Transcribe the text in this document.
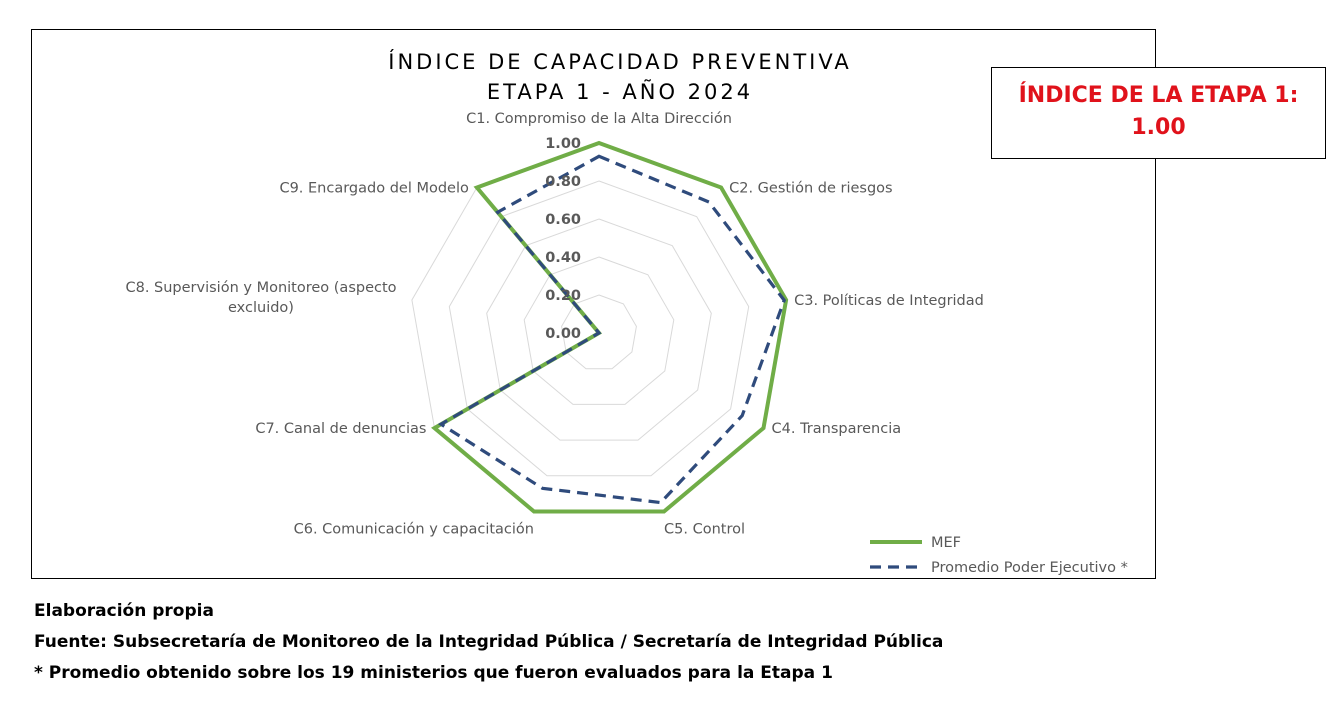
0.00
0.20
0.40
0.60
0.80
1.00
C1. Compromiso de la Alta Dirección
C2. Gestión de riesgos
C3. Políticas de Integridad
C4. Transparencia
C5. Control
C6. Comunicación y capacitación
C7. Canal de denuncias
C8. Supervisión y Monitoreo (aspecto excluido)
C9. Encargado del Modelo
MEF
Promedio Poder Ejecutivo *
ÍNDICE DE CAPACIDAD PREVENTIVA
ETAPA 1 - AÑO 2024	ÍNDICE DE LA ETAPA 1:
1.00
Elaboración propia
Fuente: Subsecretaría de Monitoreo de la Integridad Pública / Secretaría de Integridad Pública
* Promedio obtenido sobre los 19 ministerios que fueron evaluados para la Etapa 1
